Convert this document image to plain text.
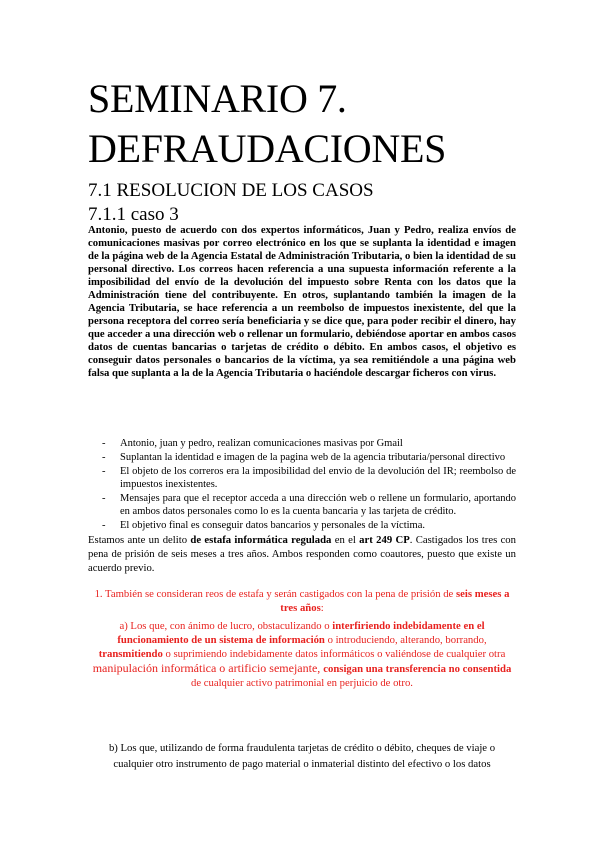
SEMINARIO 7.
DEFRAUDACIONES
7.1 RESOLUCION DE LOS CASOS
7.1.1 caso 3
Antonio, puesto de acuerdo con dos expertos informáticos, Juan y Pedro, realiza envíos de comunicaciones masivas por correo electrónico en los que se suplanta la identidad e imagen de la página web de la Agencia Estatal de Administración Tributaria, o bien la identidad de su personal directivo. Los correos hacen referencia a una supuesta información referente a la imposibilidad del envío de la devolución del impuesto sobre Renta con los datos que la Administración tiene del contribuyente. En otros, suplantando también la imagen de la Agencia Tributaria, se hace referencia a un reembolso de impuestos inexistente, del que la persona receptora del correo sería beneficiaria y se dice que, para poder recibir el dinero, hay que acceder a una dirección web o rellenar un formulario, debiéndose aportar en ambos casos datos de cuentas bancarias o tarjetas de crédito o débito. En ambos casos, el objetivo es conseguir datos personales o bancarios de la víctima, ya sea remitiéndole a una página web falsa que suplanta a la de la Agencia Tributaria o haciéndole descargar ficheros con virus.
- Antonio, juan y pedro, realizan comunicaciones masivas por Gmail
- Suplantan la identidad e imagen de la pagina web de la agencia tributaria/personal directivo
- El objeto de los correros era la imposibilidad del envio de la devolución del IR; reembolso de impuestos inexistentes.
- Mensajes para que el receptor acceda a una dirección web o rellene un formulario, aportando en ambos datos personales como lo es la cuenta bancaria y las tarjeta de crédito.
- El objetivo final es conseguir datos bancarios y personales de la víctima.
Estamos ante un delito de estafa informática regulada en el art 249 CP. Castigados los tres con pena de prisión de seis meses a tres años. Ambos responden como coautores, puesto que existe un acuerdo previo.
1. También se consideran reos de estafa y serán castigados con la pena de prisión de seis meses a tres años:
a) Los que, con ánimo de lucro, obstaculizando o interfiriendo indebidamente en el funcionamiento de un sistema de información o introduciendo, alterando, borrando, transmitiendo o suprimiendo indebidamente datos informáticos o valiéndose de cualquier otra manipulación informática o artificio semejante, consigan una transferencia no consentida de cualquier activo patrimonial en perjuicio de otro.
b) Los que, utilizando de forma fraudulenta tarjetas de crédito o débito, cheques de viaje o cualquier otro instrumento de pago material o inmaterial distinto del efectivo o los datos
